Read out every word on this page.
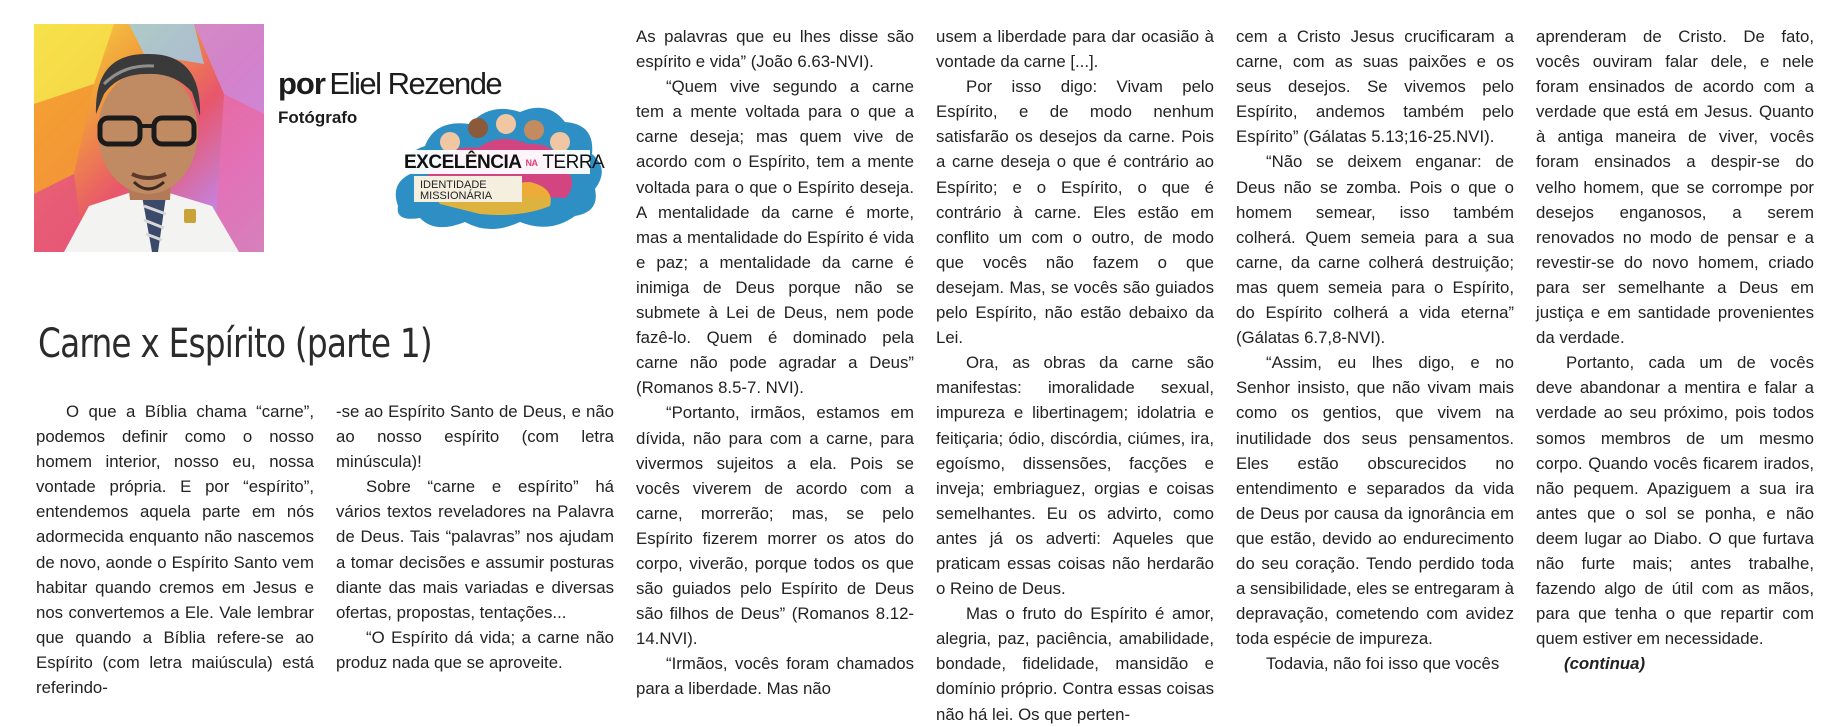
por Eliel Rezende
Fotógrafo
EXCELÊNCIA NA TERRA
IDENTIDADE
MISSIONÁRIA
Carne x Espírito (parte 1)

O que a Bíblia chama “carne”, podemos definir como o nosso homem interior, nosso eu, nossa vontade própria. E por “espírito”, entendemos aquela parte em nós adormecida enquanto não nascemos de novo, aonde o Espírito Santo vem habitar quando cremos em Jesus e nos convertemos a Ele. Vale lembrar que quando a Bíblia refere-se ao Espírito (com letra maiúscula) está referindo-

-se ao Espírito Santo de Deus, e não ao nosso espírito (com letra minúscula)!

Sobre “carne e espírito” há vários textos reveladores na Palavra de Deus. Tais “palavras” nos ajudam a tomar decisões e assumir posturas diante das mais variadas e diversas ofertas, propostas, tentações...

“O Espírito dá vida; a carne não produz nada que se aproveite.

As palavras que eu lhes disse são espírito e vida” (João 6.63-NVI).

“Quem vive segundo a carne tem a mente voltada para o que a carne deseja; mas quem vive de acordo com o Espírito, tem a mente voltada para o que o Espírito deseja. A mentalidade da carne é morte, mas a mentalidade do Espírito é vida e paz; a mentalidade da carne é inimiga de Deus porque não se submete à Lei de Deus, nem pode fazê-lo. Quem é dominado pela carne não pode agradar a Deus” (Romanos 8.5-7. NVI).

“Portanto, irmãos, estamos em dívida, não para com a carne, para vivermos sujeitos a ela. Pois se vocês viverem de acordo com a carne, morrerão; mas, se pelo Espírito fizerem morrer os atos do corpo, viverão, porque todos os que são guiados pelo Espírito de Deus são filhos de Deus” (Romanos 8.12-14.NVI).

“Irmãos, vocês foram chamados para a liberdade. Mas não

usem a liberdade para dar ocasião à vontade da carne [...].

Por isso digo: Vivam pelo Espírito, e de modo nenhum satisfarão os desejos da carne. Pois a carne deseja o que é contrário ao Espírito; e o Espírito, o que é contrário à carne. Eles estão em conflito um com o outro, de modo que vocês não fazem o que desejam. Mas, se vocês são guiados pelo Espírito, não estão debaixo da Lei.

Ora, as obras da carne são manifestas: imoralidade sexual, impureza e libertinagem; idolatria e feitiçaria; ódio, discórdia, ciúmes, ira, egoísmo, dissensões, facções e inveja; embriaguez, orgias e coisas semelhantes. Eu os advirto, como antes já os adverti: Aqueles que praticam essas coisas não herdarão o Reino de Deus.

Mas o fruto do Espírito é amor, alegria, paz, paciência, amabilidade, bondade, fidelidade, mansidão e domínio próprio. Contra essas coisas não há lei. Os que perten-

cem a Cristo Jesus crucificaram a carne, com as suas paixões e os seus desejos. Se vivemos pelo Espírito, andemos também pelo Espírito” (Gálatas 5.13;16-25.NVI).

“Não se deixem enganar: de Deus não se zomba. Pois o que o homem semear, isso também colherá. Quem semeia para a sua carne, da carne colherá destruição; mas quem semeia para o Espírito, do Espírito colherá a vida eterna” (Gálatas 6.7,8-NVI).

“Assim, eu lhes digo, e no Senhor insisto, que não vivam mais como os gentios, que vivem na inutilidade dos seus pensamentos. Eles estão obscurecidos no entendimento e separados da vida de Deus por causa da ignorância em que estão, devido ao endurecimento do seu coração. Tendo perdido toda a sensibilidade, eles se entregaram à depravação, cometendo com avidez toda espécie de impureza.

Todavia, não foi isso que vocês

aprenderam de Cristo. De fato, vocês ouviram falar dele, e nele foram ensinados de acordo com a verdade que está em Jesus. Quanto à antiga maneira de viver, vocês foram ensinados a despir-se do velho homem, que se corrompe por desejos enganosos, a serem renovados no modo de pensar e a revestir-se do novo homem, criado para ser semelhante a Deus em justiça e em santidade provenientes da verdade.

Portanto, cada um de vocês deve abandonar a mentira e falar a verdade ao seu próximo, pois todos somos membros de um mesmo corpo. Quando vocês ficarem irados, não pequem. Apaziguem a sua ira antes que o sol se ponha, e não deem lugar ao Diabo. O que furtava não furte mais; antes trabalhe, fazendo algo de útil com as mãos, para que tenha o que repartir com quem estiver em necessidade.

(continua)
